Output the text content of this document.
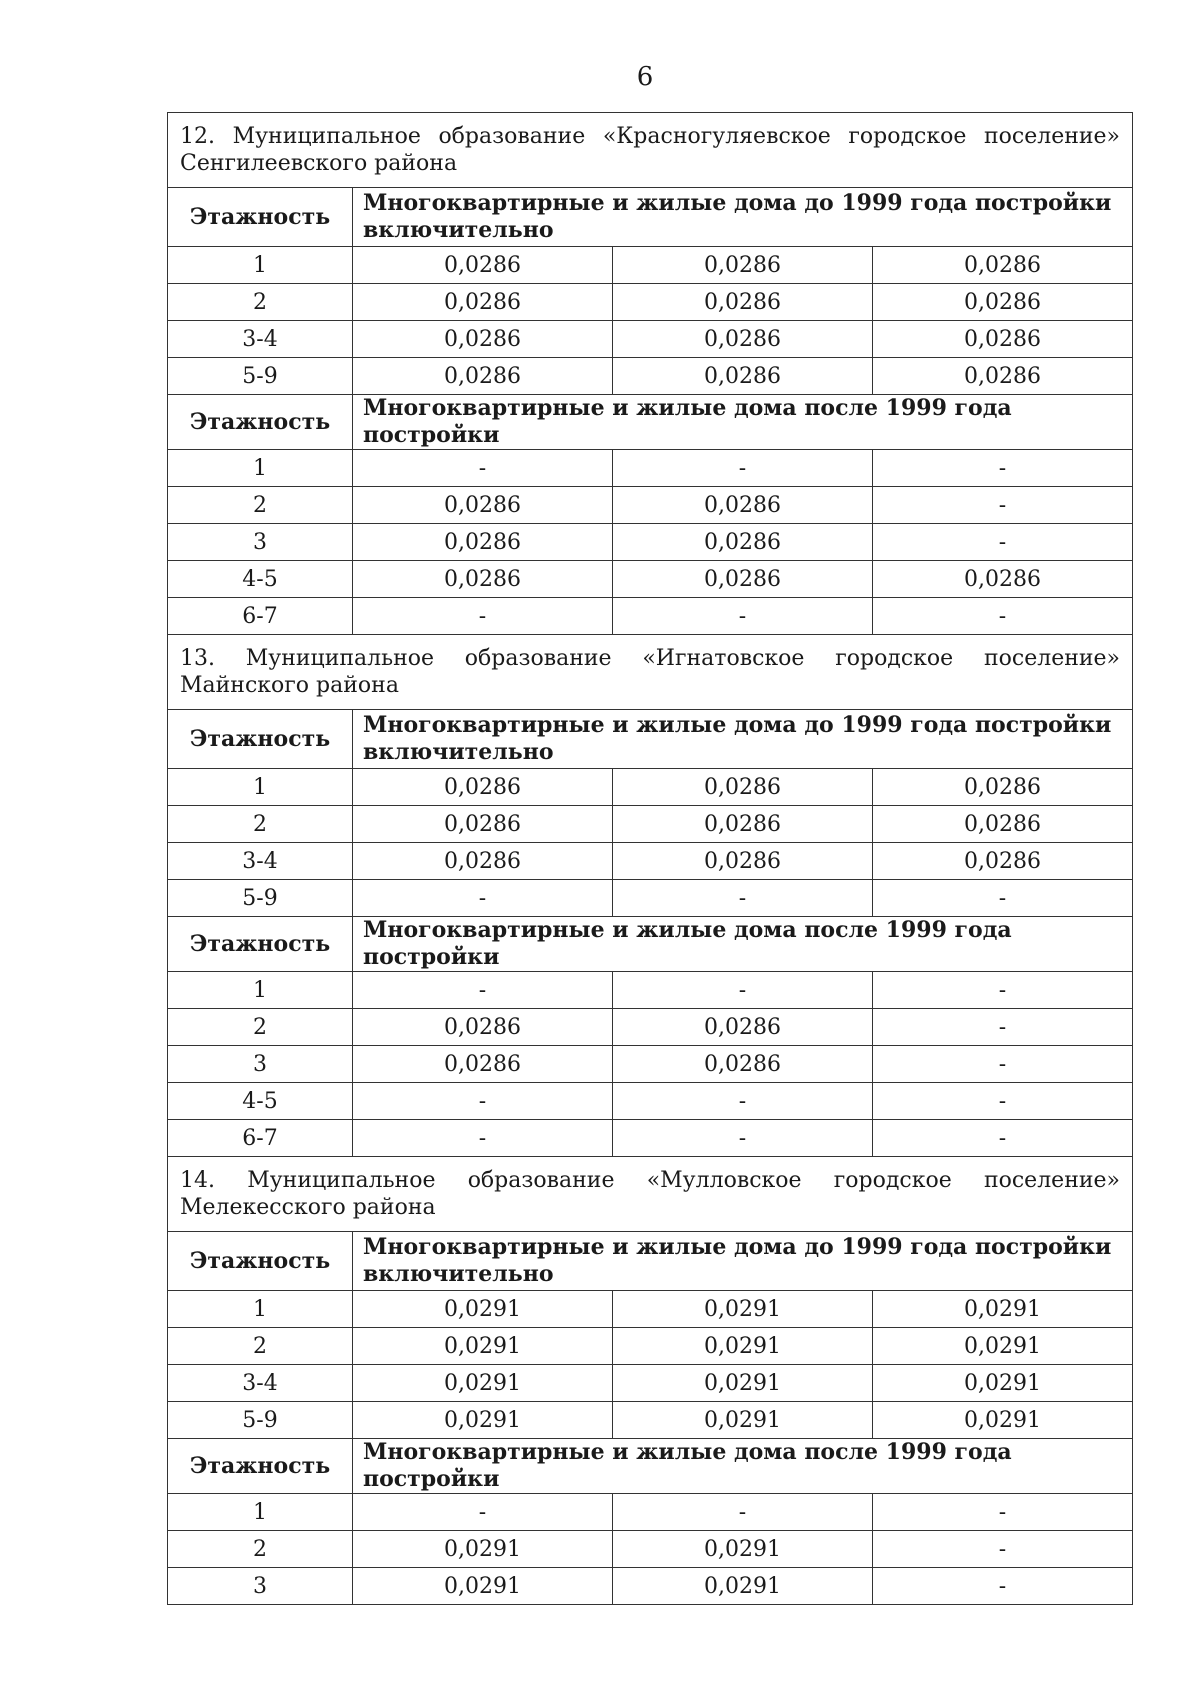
6
12. Муниципальное образование «Красногуляевское городское поселение»
Сенгилеевского района			
Этажность	Многоквартирные и жилые дома до 1999 года постройки
включительно		

1	0,0286	0,0286	0,0286
2	0,0286	0,0286	0,0286
3-4	0,0286	0,0286	0,0286
5-9	0,0286	0,0286	0,0286
Этажность	Многоквартирные и жилые дома после 1999 года постройки		
1	-	-	-
2	0,0286	0,0286	-
3	0,0286	0,0286	-
4-5	0,0286	0,0286	0,0286
6-7	-	-	-

13. Муниципальное образование «Игнатовское городское поселение»
Майнского района			
Этажность	Многоквартирные и жилые дома до 1999 года постройки
включительно		

1	0,0286	0,0286	0,0286
2	0,0286	0,0286	0,0286
3-4	0,0286	0,0286	0,0286
5-9	-	-	-
Этажность	Многоквартирные и жилые дома после 1999 года постройки		
1	-	-	-
2	0,0286	0,0286	-
3	0,0286	0,0286	-
4-5	-	-	-
6-7	-	-	-

14. Муниципальное образование «Мулловское городское поселение»
Мелекесского района			
Этажность	Многоквартирные и жилые дома до 1999 года постройки
включительно		

1	0,0291	0,0291	0,0291
2	0,0291	0,0291	0,0291
3-4	0,0291	0,0291	0,0291
5-9	0,0291	0,0291	0,0291
Этажность	Многоквартирные и жилые дома после 1999 года постройки		
1	-	-	-
2	0,0291	0,0291	-
3	0,0291	0,0291	-
